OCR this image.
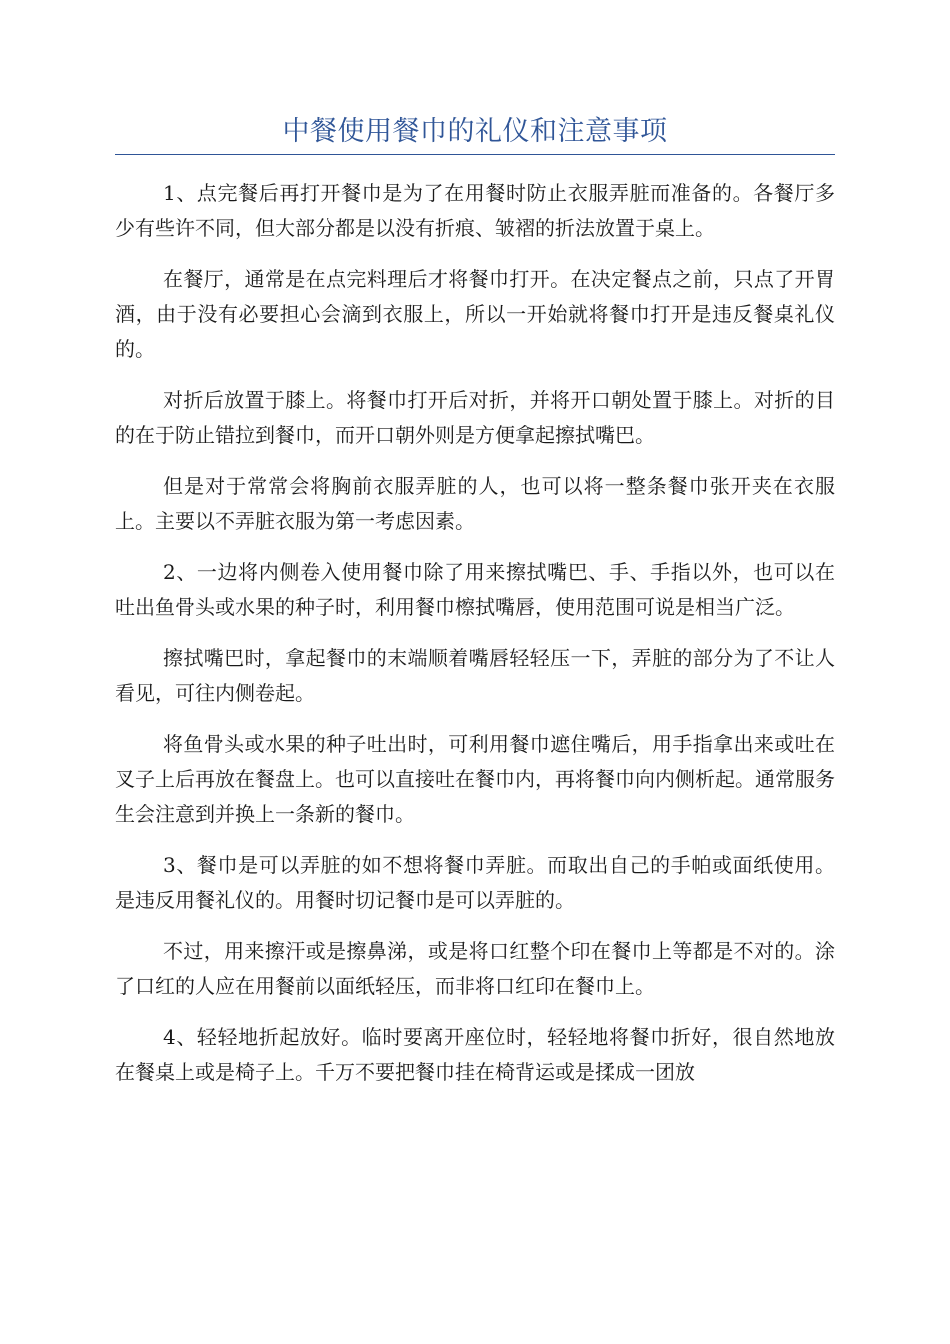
中餐使用餐巾的礼仪和注意事项

1、点完餐后再打开餐巾是为了在用餐时防止衣服弄脏而准备的。各餐厅多少有些许不同，但大部分都是以没有折痕、皱褶的折法放置于桌上。

在餐厅，通常是在点完料理后才将餐巾打开。在决定餐点之前，只点了开胃酒，由于没有必要担心会滴到衣服上，所以一开始就将餐巾打开是违反餐桌礼仪的。

对折后放置于膝上。将餐巾打开后对折，并将开口朝处置于膝上。对折的目的在于防止错拉到餐巾，而开口朝外则是方便拿起擦拭嘴巴。

但是对于常常会将胸前衣服弄脏的人，也可以将一整条餐巾张开夹在衣服上。主要以不弄脏衣服为第一考虑因素。

2、一边将内侧卷入使用餐巾除了用来擦拭嘴巴、手、手指以外，也可以在吐出鱼骨头或水果的种子时，利用餐巾檫拭嘴唇，使用范围可说是相当广泛。

擦拭嘴巴时，拿起餐巾的末端顺着嘴唇轻轻压一下，弄脏的部分为了不让人看见，可往内侧卷起。

将鱼骨头或水果的种子吐出时，可利用餐巾遮住嘴后，用手指拿出来或吐在叉子上后再放在餐盘上。也可以直接吐在餐巾内，再将餐巾向内侧析起。通常服务生会注意到并换上一条新的餐巾。

3、餐巾是可以弄脏的如不想将餐巾弄脏。而取出自己的手帕或面纸使用。是违反用餐礼仪的。用餐时切记餐巾是可以弄脏的。

不过，用来擦汗或是擦鼻涕，或是将口红整个印在餐巾上等都是不对的。涂了口红的人应在用餐前以面纸轻压，而非将口红印在餐巾上。

4、轻轻地折起放好。临时要离开座位时，轻轻地将餐巾折好，很自然地放在餐桌上或是椅子上。千万不要把餐巾挂在椅背运或是揉成一团放
